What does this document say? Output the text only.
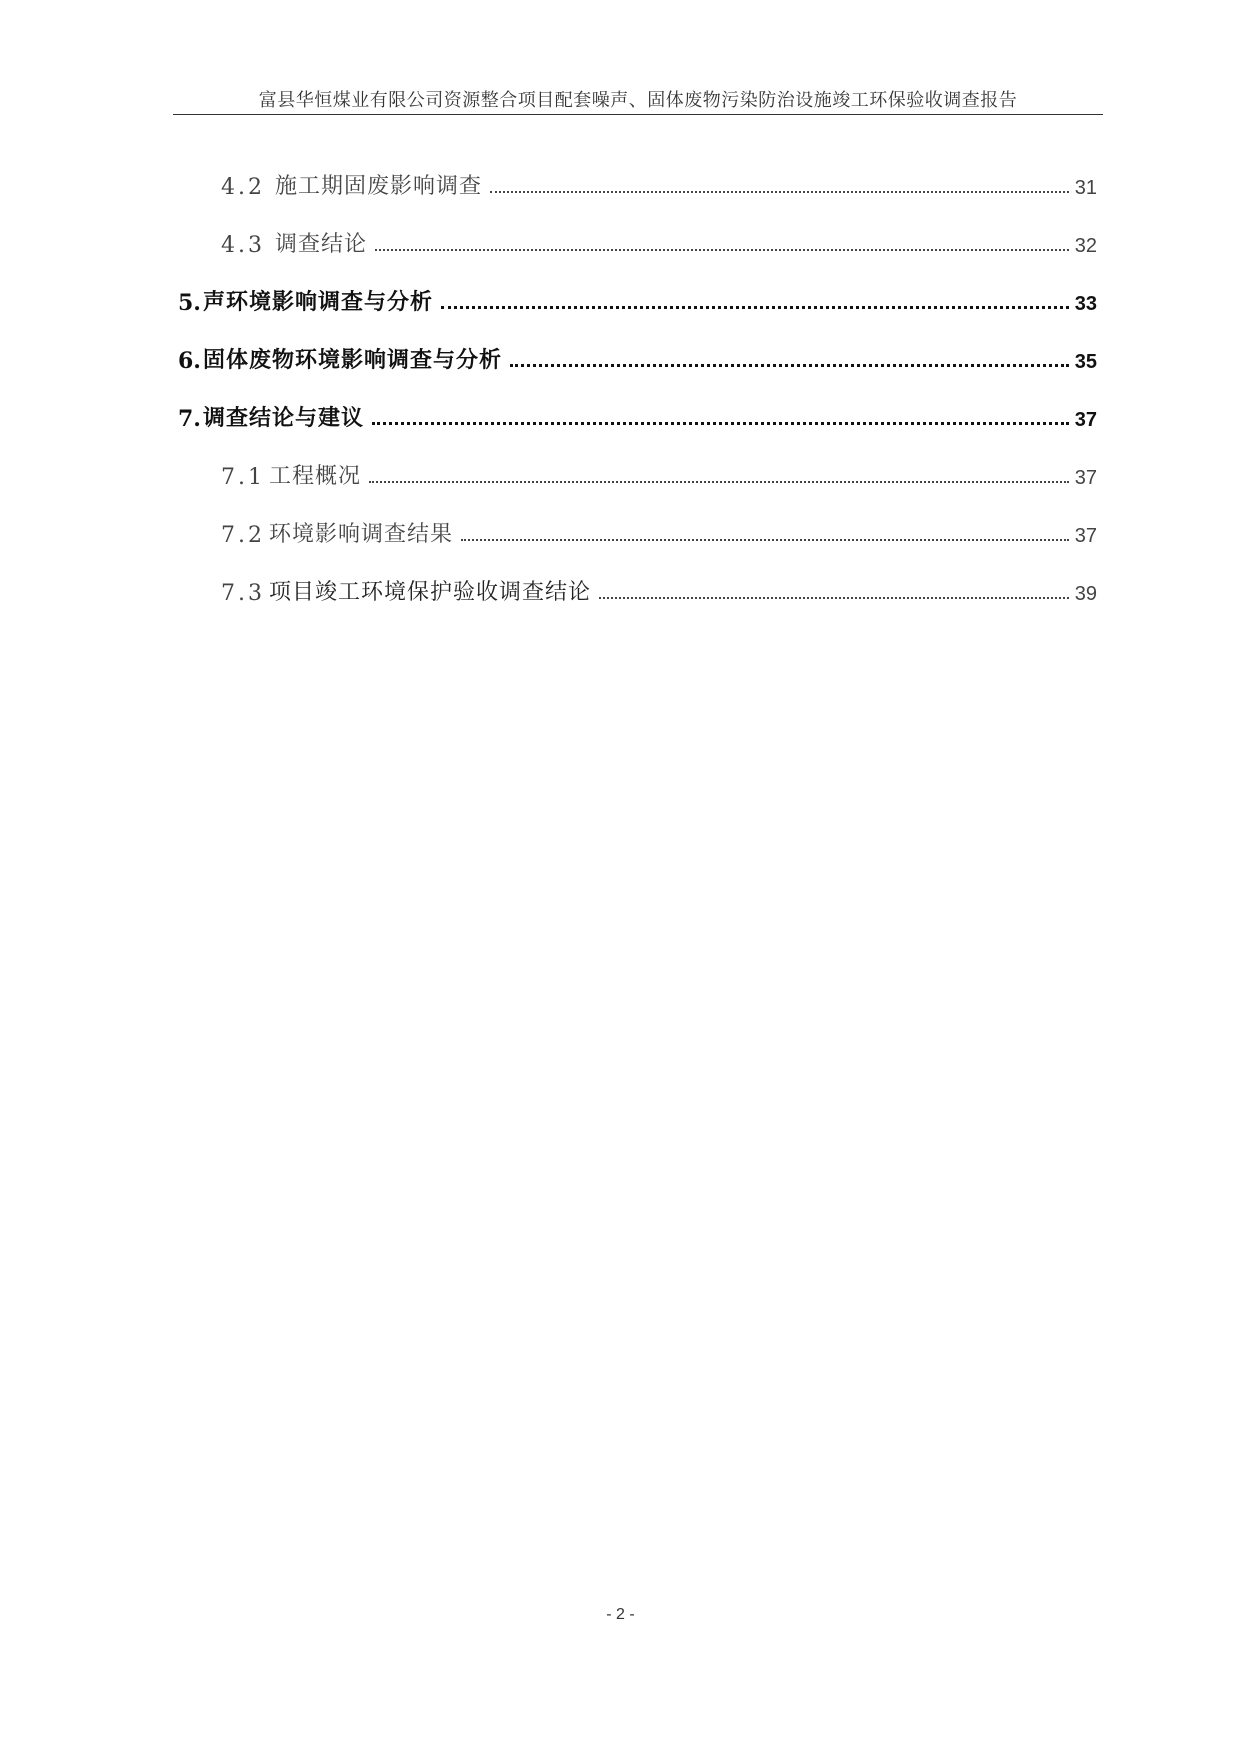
富县华恒煤业有限公司资源整合项目配套噪声、固体废物污染防治设施竣工环保验收调查报告
4.2 施工期固废影响调查	31
4.3 调查结论	32
5. 声环境影响调查与分析	33
6. 固体废物环境影响调查与分析	35
7. 调查结论与建议	37
7.1 工程概况	37
7.2 环境影响调查结果	37
7.3 项目竣工环境保护验收调查结论	39
- 2 -
